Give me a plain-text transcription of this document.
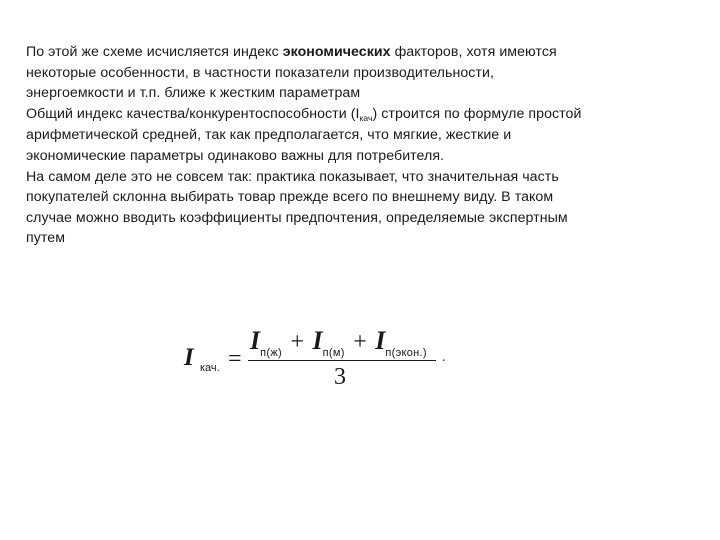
По этой же схеме исчисляется индекс экономических факторов, хотя имеются
некоторые особенности, в частности показатели производительности,
энергоемкости и т.п. ближе к жестким параметрам

Общий индекс качества/конкурентоспособности $(I_{кач})$ строится по формуле простой
арифметической средней, так как предполагается, что мягкие, жесткие и
экономические параметры одинаково важны для потребителя.

На самом деле это не совсем так: практика показывает, что значительная часть
покупателей склонна выбирать товар прежде всего по внешнему виду. В таком
случае можно вводить коэффициенты предпочтения, определяемые экспертным
путем

I кач. =
$I_{п(ж)} + I_{п(м)} + I_{п(экон.)}$
3
.
